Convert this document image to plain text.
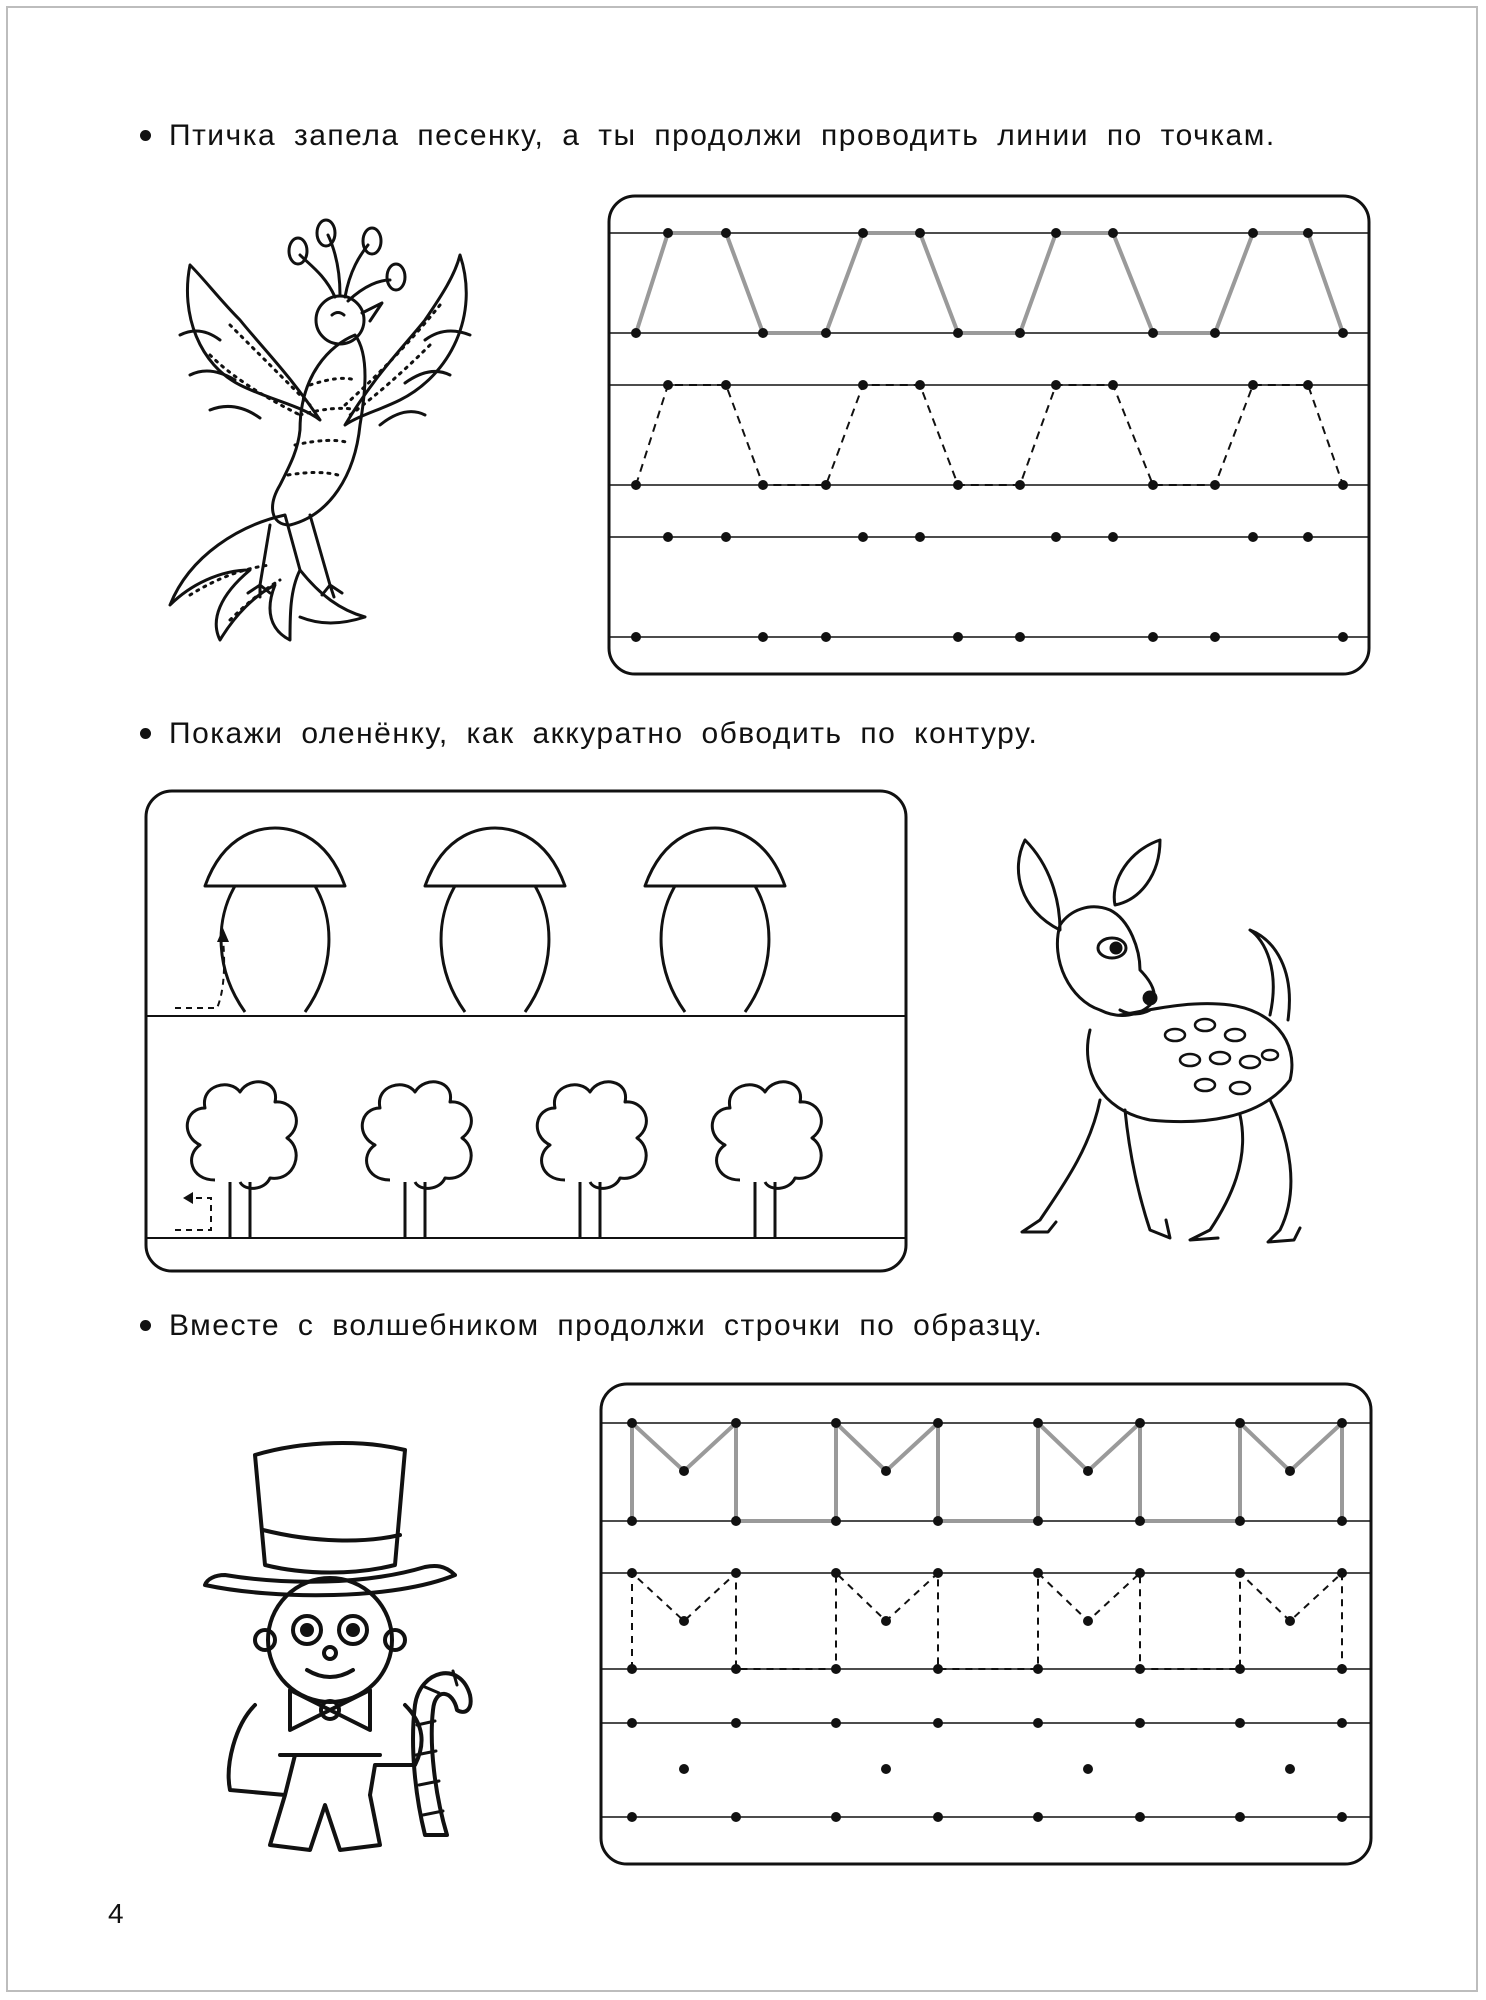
Птичка запела песенку, а ты продолжи проводить линии по точкам.
Покажи оленёнку, как аккуратно обводить по контуру.
Вместе с волшебником продолжи строчки по образцу.
4
